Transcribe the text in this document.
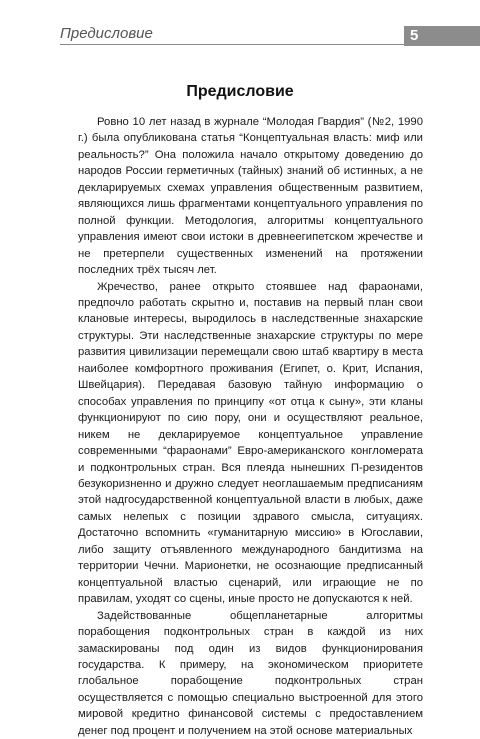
Предисловие	5
Предисловие

Ровно 10 лет назад в журнале “Молодая Гвардия” (№2, 1990 г.) была опубликована статья “Концептуальная власть: миф или реальность?” Она положила начало открытому доведению до народов России герметичных (тайных) знаний об истинных, а не декларируемых схемах управления общественным развитием, являющихся лишь фрагментами концептуального управления по полной функции. Методология, алгоритмы концептуального управления имеют свои истоки в древнеегипетском жречестве и не претерпели существенных изменений на протяжении последних трёх тысяч лет.

Жречество, ранее открыто стоявшее над фараонами, предпочло работать скрытно и, поставив на первый план свои клановые интересы, выродилось в наследственные знахарские структуры. Эти наследственные знахарские структуры по мере развития цивилизации перемещали свою штаб квартиру в места наиболее комфортного проживания (Египет, о. Крит, Испания, Швейцария). Передавая базовую тайную информацию о способах управления по принципу «от отца к сыну», эти кланы функционируют по сию пору, они и осуществляют реальное, никем не декларируемое концептуальное управление современными “фараонами” Евро-американского конгломерата и подконтрольных стран. Вся плеяда нынешних П-резидентов безукоризненно и дружно следует неоглашаемым предписаниям этой надгосударственной концептуальной власти в любых, даже самых нелепых с позиции здравого смысла, ситуациях. Достаточно вспомнить «гуманитарную миссию» в Югославии, либо защиту отъявленного международного бандитизма на территории Чечни. Марионетки, не осознающие предписанный концептуальной властью сценарий, или играющие не по правилам, уходят со сцены, иные просто не допускаются к ней.

Задействованные общепланетарные алгоритмы порабощения подконтрольных стран в каждой из них замаскированы под один из видов функционирования государства. К примеру, на экономическом приоритете глобальное порабощение подконтрольных стран осуществляется с помощью специально выстроенной для этого мировой кредитно финансовой системы с предоставлением денег под процент и получением на этой основе материальных
